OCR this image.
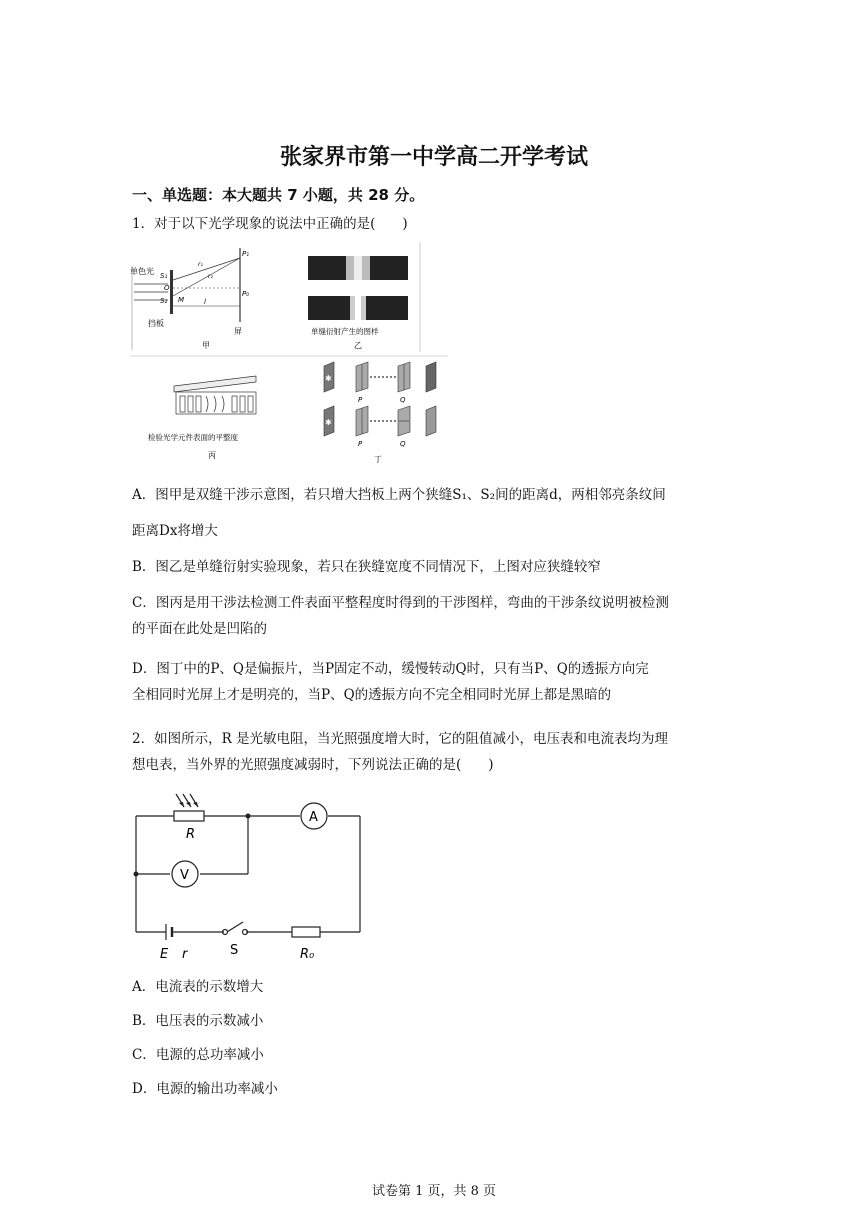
张家界市第一中学高二开学考试
一、单选题：本大题共 7 小题，共 28 分。
1．对于以下光学现象的说法中正确的是(　　)
单色光 S₁
S₂
O
M
r₁
r₂
P₁
P₀
l
挡板
屏
甲
单缝衍射产生的图样
乙
检验光学元件表面的平整度
丙
✱
P	Q
✱
P	Q
丁
A．图甲是双缝干涉示意图，若只增大挡板上两个狭缝S₁、S₂间的距离d，两相邻亮条纹间
距离Dx将增大
B．图乙是单缝衍射实验现象，若只在狭缝宽度不同情况下，上图对应狭缝较窄
C．图丙是用干涉法检测工件表面平整程度时得到的干涉图样，弯曲的干涉条纹说明被检测
的平面在此处是凹陷的
D．图丁中的P、Q是偏振片，当P固定不动，缓慢转动Q时，只有当P、Q的透振方向完
全相同时光屏上才是明亮的，当P、Q的透振方向不完全相同时光屏上都是黑暗的
2．如图所示，R 是光敏电阻，当光照强度增大时，它的阻值减小，电压表和电流表均为理
想电表，当外界的光照强度减弱时，下列说法正确的是(　　)
R
A
V
E r	S	R₀
A．电流表的示数增大
B．电压表的示数减小
C．电源的总功率减小
D．电源的输出功率减小
试卷第 1 页，共 8 页
